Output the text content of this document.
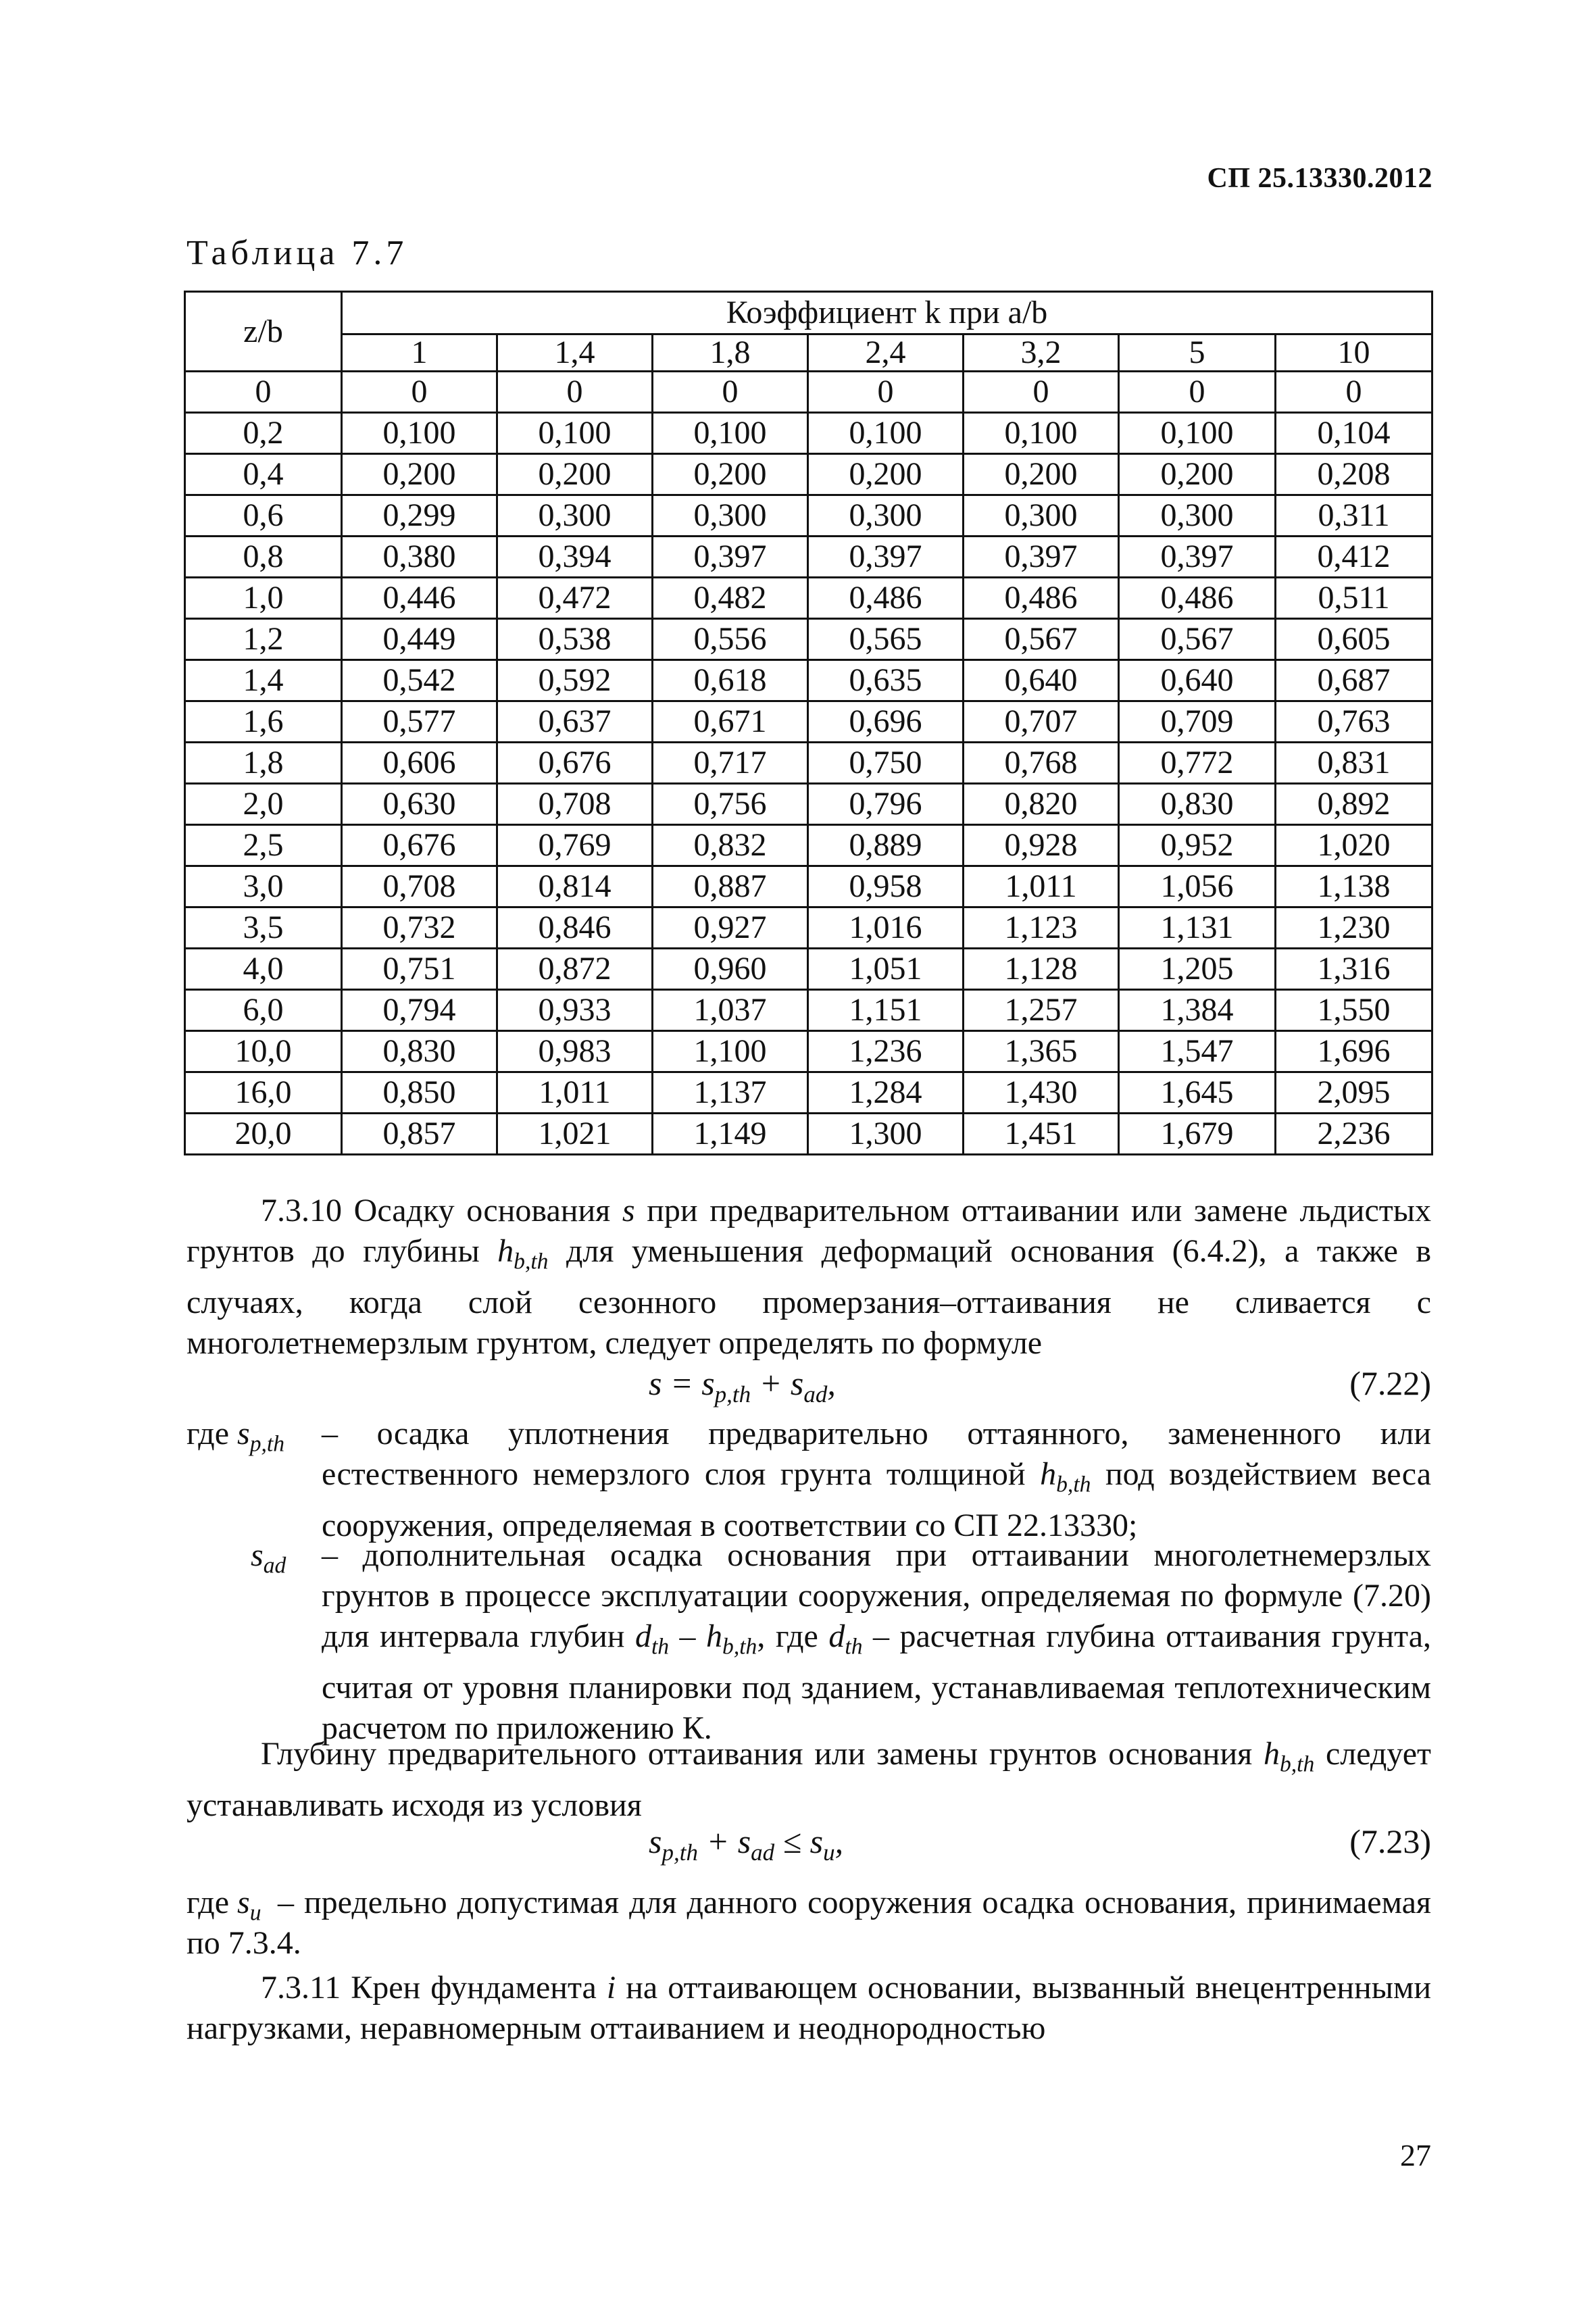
СП 25.13330.2012
Таблица 7.7
z/b	Коэффициент k при a/b						
	1	1,4	1,8	2,4	3,2	5	10
0	0	0	0	0	0	0	0
0,2	0,100	0,100	0,100	0,100	0,100	0,100	0,104
0,4	0,200	0,200	0,200	0,200	0,200	0,200	0,208
0,6	0,299	0,300	0,300	0,300	0,300	0,300	0,311
0,8	0,380	0,394	0,397	0,397	0,397	0,397	0,412
1,0	0,446	0,472	0,482	0,486	0,486	0,486	0,511
1,2	0,449	0,538	0,556	0,565	0,567	0,567	0,605
1,4	0,542	0,592	0,618	0,635	0,640	0,640	0,687
1,6	0,577	0,637	0,671	0,696	0,707	0,709	0,763
1,8	0,606	0,676	0,717	0,750	0,768	0,772	0,831
2,0	0,630	0,708	0,756	0,796	0,820	0,830	0,892
2,5	0,676	0,769	0,832	0,889	0,928	0,952	1,020
3,0	0,708	0,814	0,887	0,958	1,011	1,056	1,138
3,5	0,732	0,846	0,927	1,016	1,123	1,131	1,230
4,0	0,751	0,872	0,960	1,051	1,128	1,205	1,316
6,0	0,794	0,933	1,037	1,151	1,257	1,384	1,550
10,0	0,830	0,983	1,100	1,236	1,365	1,547	1,696
16,0	0,850	1,011	1,137	1,284	1,430	1,645	2,095
20,0	0,857	1,021	1,149	1,300	1,451	1,679	2,236
7.3.10 Осадку основания s при предварительном оттаивании или замене льдистых грунтов до глубины $h_{b,th}$ для уменьшения деформаций основания (6.4.2), а также в случаях, когда слой сезонного промерзания–оттаивания не сливается с многолетнемерзлым грунтом, следует определять по формуле
$s = s_{p,th} + s_{ad}$,	(7.22)
где $s_{p,th}$ – осадка уплотнения предварительно оттаянного, замененного или естественного немерзлого слоя грунта толщиной $h_{b,th}$ под воздействием веса сооружения, определяемая в соответствии со СП 22.13330;
$s_{ad}$ – дополнительная осадка основания при оттаивании многолетнемерзлых грунтов в процессе эксплуатации сооружения, определяемая по формуле (7.20) для интервала глубин $d_{th} - h_{b,th}$, где $d_{th}$ – расчетная глубина оттаивания грунта, считая от уровня планировки под зданием, устанавливаемая теплотехническим расчетом по приложению К.
Глубину предварительного оттаивания или замены грунтов основания $h_{b,th}$ следует устанавливать исходя из условия
$s_{p,th} + s_{ad} \le s_u$,	(7.23)
где $s_u$ – предельно допустимая для данного сооружения осадка основания, принимаемая по 7.3.4.
7.3.11 Крен фундамента i на оттаивающем основании, вызванный внецентренными нагрузками, неравномерным оттаиванием и неоднородностью
27
